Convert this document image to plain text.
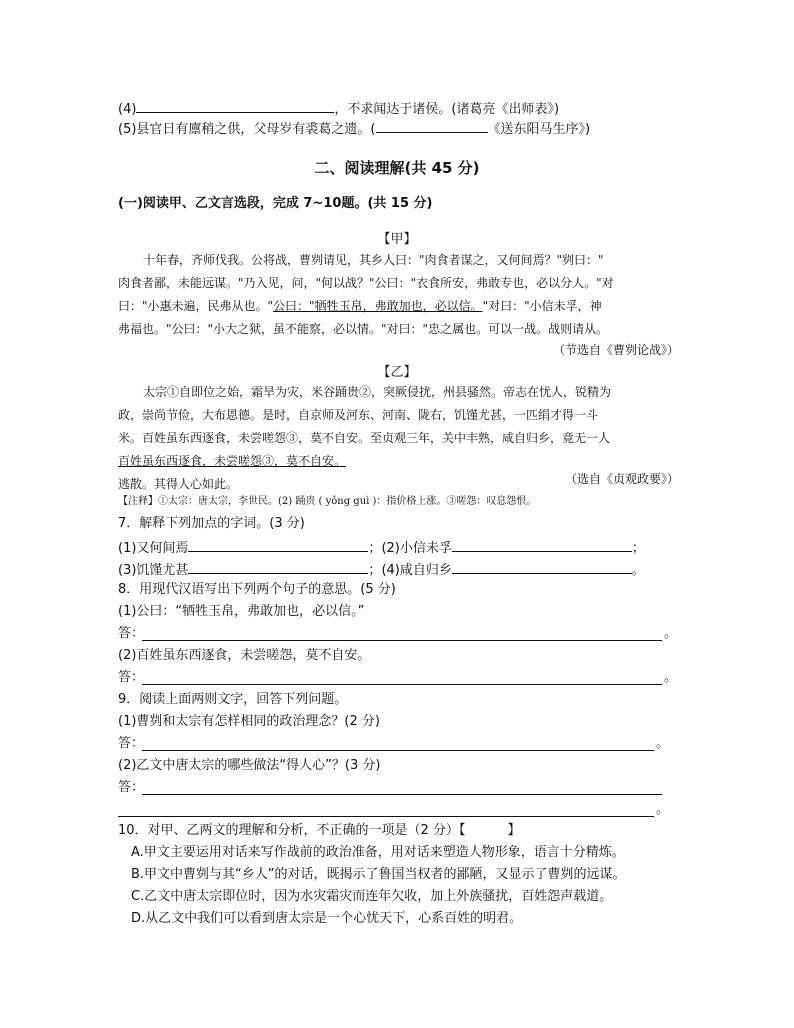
(4)	，不求闻达于诸侯。(诸葛亮《出师表》)
(5)县官日有廪稍之供，父母岁有裘葛之遗。(	《送东阳马生序》)
二、阅读理解(共 45 分)
(一)阅读甲、乙文言选段，完成 7~10题。(共 15 分)
【甲】
十年春，齐师伐我。公将战，曹刿请见，其乡人曰："肉食者谋之，又何间焉？"刿曰："
肉食者鄙，未能远谋。"乃入见，问，"何以战？"公曰："衣食所安，弗敢专也，必以分人。"对
曰："小惠未遍，民弗从也。"公曰："牺牲玉帛，弗敢加也，必以信。"对曰："小信未孚，神
弗福也。"公曰："小大之狱，虽不能察，必以情。"对曰："忠之属也。可以一战。战则请从。
（节选自《曹刿论战》）
【乙】
太宗①自即位之始，霜旱为灾，米谷踊贵②，突厥侵扰，州县骚然。帝志在忧人，锐精为
政，崇尚节俭，大布恩德。是时，自京师及河东、河南、陇右，饥馑尤甚，一匹绢才得一斗
米。百姓虽东西逐食，未尝嗟怨③，莫不自安。至贞观三年，关中丰熟，咸自归乡，竟无一人
百姓虽东西逐食，未尝嗟怨③，莫不自安。
逃散。其得人心如此。	（选自《贞观政要》）
【注释】①太宗：唐太宗，李世民。(2) 踊贵 ( yǒng guì )：指价格上涨。③嗟怨：叹息怨恨。
7．解释下列加点的字词。(3 分)
(1)又何间焉	；(2)小信未孚	；
(3)饥馑尤甚	；(4)咸自归乡	。
8．用现代汉语写出下列两个句子的意思。(5 分)
(1)公曰：“牺牲玉帛，弗敢加也，必以信。”
答：	。
(2)百姓虽东西逐食，未尝嗟怨，莫不自安。
答：	。
9．阅读上面两则文字，回答下列问题。
(1)曹刿和太宗有怎样相同的政治理念？(2 分)
答：	。
(2)乙文中唐太宗的哪些做法“得人心”？(3 分)
答：
。
10．对甲、乙两文的理解和分析，不正确的一项是（2 分）【	】
A.甲文主要运用对话来写作战前的政治准备，用对话来塑造人物形象，语言十分精炼。
B.甲文中曹刿与其“乡人”的对话，既揭示了鲁国当权者的鄙陋，又显示了曹刿的远谋。
C.乙文中唐太宗即位时，因为水灾霜灾而连年欠收，加上外族骚扰，百姓怨声载道。
D.从乙文中我们可以看到唐太宗是一个心忧天下，心系百姓的明君。
